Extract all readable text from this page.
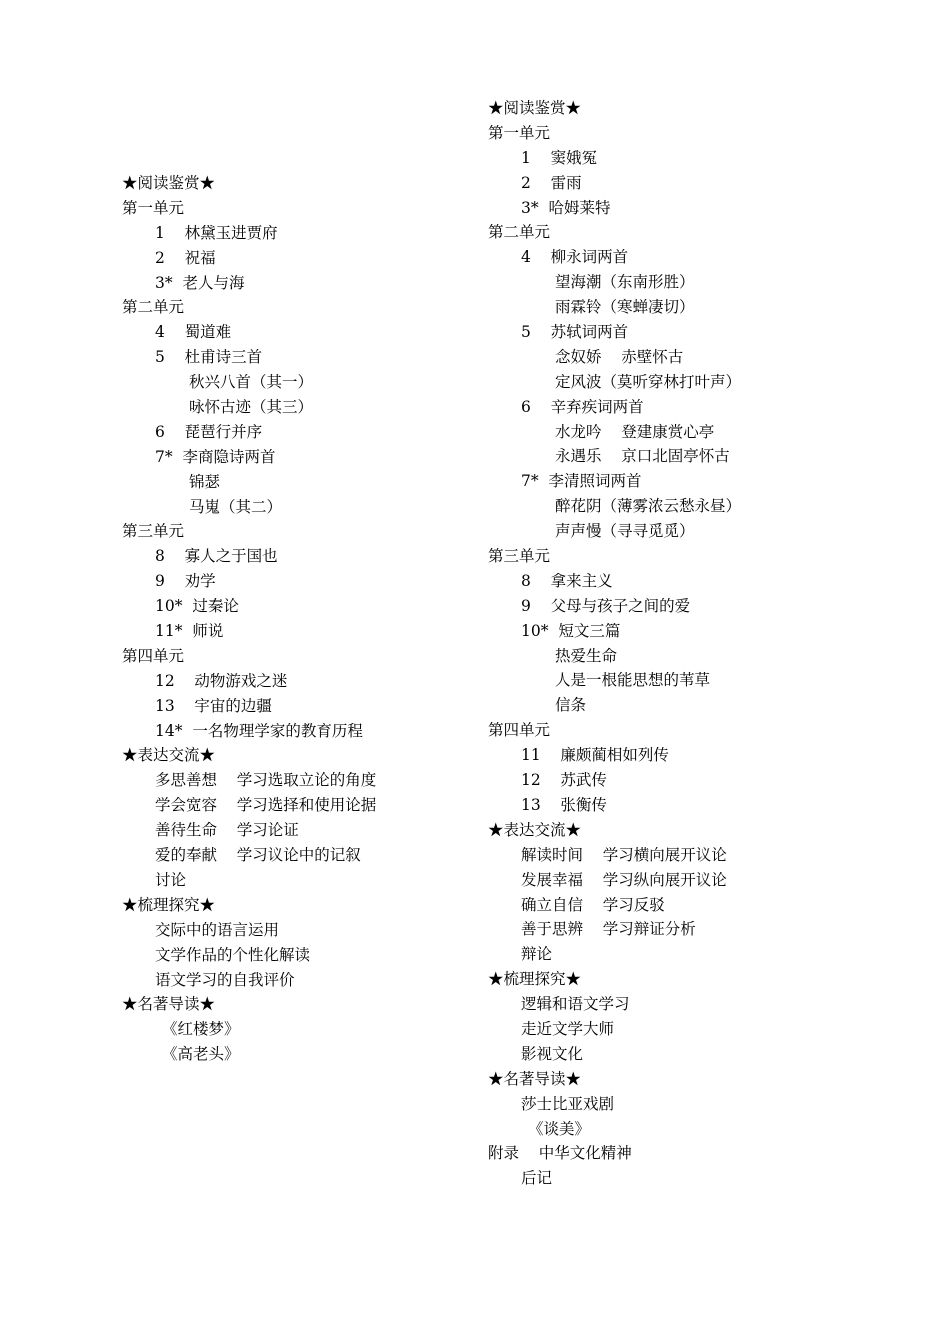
★阅读鉴赏★
第一单元
1    林黛玉进贾府
2    祝福
3*  老人与海
第二单元
4    蜀道难
5    杜甫诗三首
秋兴八首（其一）
咏怀古迹（其三）
6    琵琶行并序
7*  李商隐诗两首
锦瑟
马嵬（其二）
第三单元
8    寡人之于国也
9    劝学
10*  过秦论
11*  师说
第四单元
12    动物游戏之迷
13    宇宙的边疆
14*  一名物理学家的教育历程
★表达交流★
多思善想    学习选取立论的角度
学会宽容    学习选择和使用论据
善待生命    学习论证
爱的奉献    学习议论中的记叙
讨论
★梳理探究★
交际中的语言运用
文学作品的个性化解读
语文学习的自我评价
★名著导读★
《红楼梦》
《高老头》
★阅读鉴赏★
第一单元
1    窦娥冤
2    雷雨
3*  哈姆莱特
第二单元
4    柳永词两首
望海潮（东南形胜）
雨霖铃（寒蝉凄切）
5    苏轼词两首
念奴娇    赤壁怀古
定风波（莫听穿林打叶声）
6    辛弃疾词两首
水龙吟    登建康赏心亭
永遇乐    京口北固亭怀古
7*  李清照词两首
醉花阴（薄雾浓云愁永昼）
声声慢（寻寻觅觅）
第三单元
8    拿来主义
9    父母与孩子之间的爱
10*  短文三篇
热爱生命
人是一根能思想的苇草
信条
第四单元
11    廉颇蔺相如列传
12    苏武传
13    张衡传
★表达交流★
解读时间    学习横向展开议论
发展幸福    学习纵向展开议论
确立自信    学习反驳
善于思辨    学习辩证分析
辩论
★梳理探究★
逻辑和语文学习
走近文学大师
影视文化
★名著导读★
莎士比亚戏剧
《谈美》
附录    中华文化精神
后记
